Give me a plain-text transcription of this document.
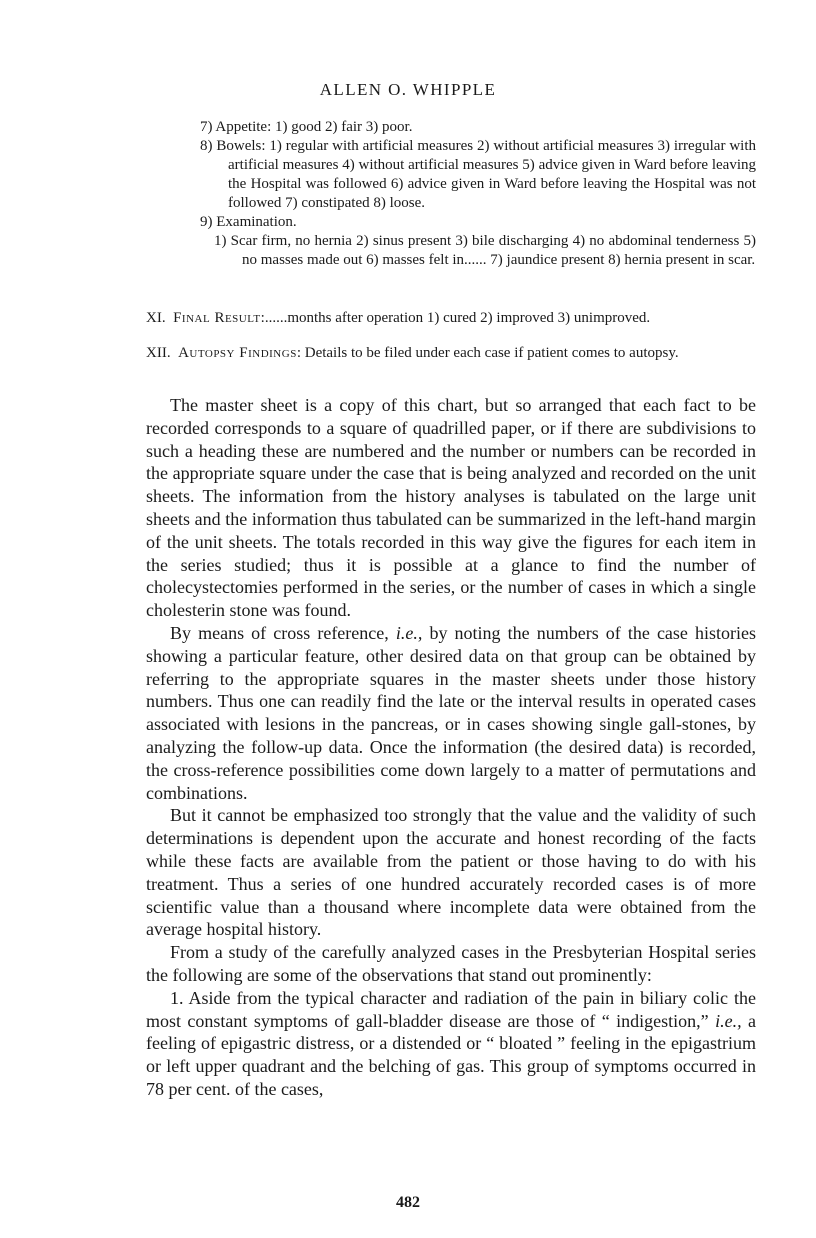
ALLEN O. WHIPPLE

7) Appetite: 1) good 2) fair 3) poor.

8) Bowels: 1) regular with artificial measures 2) without artificial measures 3) irregular with artificial measures 4) without artificial measures 5) advice given in Ward before leaving the Hospital was followed 6) advice given in Ward before leaving the Hospital was not followed 7) constipated 8) loose.

9) Examination.

1) Scar firm, no hernia 2) sinus present 3) bile discharging 4) no abdominal tenderness 5) no masses made out 6) masses felt in...... 7) jaundice present 8) hernia present in scar.

XI. Final Result:......months after operation 1) cured 2) improved 3) unimproved.

XII. Autopsy Findings: Details to be filed under each case if patient comes to autopsy.

The master sheet is a copy of this chart, but so arranged that each fact to be recorded corresponds to a square of quadrilled paper, or if there are subdivisions to such a heading these are numbered and the number or numbers can be recorded in the appropriate square under the case that is being analyzed and recorded on the unit sheets. The information from the history analyses is tabulated on the large unit sheets and the information thus tabulated can be summarized in the left-hand margin of the unit sheets. The totals recorded in this way give the figures for each item in the series studied; thus it is possible at a glance to find the number of cholecystectomies performed in the series, or the number of cases in which a single cholesterin stone was found.

By means of cross reference, i.e., by noting the numbers of the case histories showing a particular feature, other desired data on that group can be obtained by referring to the appropriate squares in the master sheets under those history numbers. Thus one can readily find the late or the interval results in operated cases associated with lesions in the pancreas, or in cases showing single gall-stones, by analyzing the follow-up data. Once the information (the desired data) is recorded, the cross-reference possibilities come down largely to a matter of permutations and combinations.

But it cannot be emphasized too strongly that the value and the validity of such determinations is dependent upon the accurate and honest recording of the facts while these facts are available from the patient or those having to do with his treatment. Thus a series of one hundred accurately recorded cases is of more scientific value than a thousand where incomplete data were obtained from the average hospital history.

From a study of the carefully analyzed cases in the Presbyterian Hospital series the following are some of the observations that stand out prominently:

1. Aside from the typical character and radiation of the pain in biliary colic the most constant symptoms of gall-bladder disease are those of “ indigestion,” i.e., a feeling of epigastric distress, or a distended or “ bloated ” feeling in the epigastrium or left upper quadrant and the belching of gas. This group of symptoms occurred in 78 per cent. of the cases,

482
